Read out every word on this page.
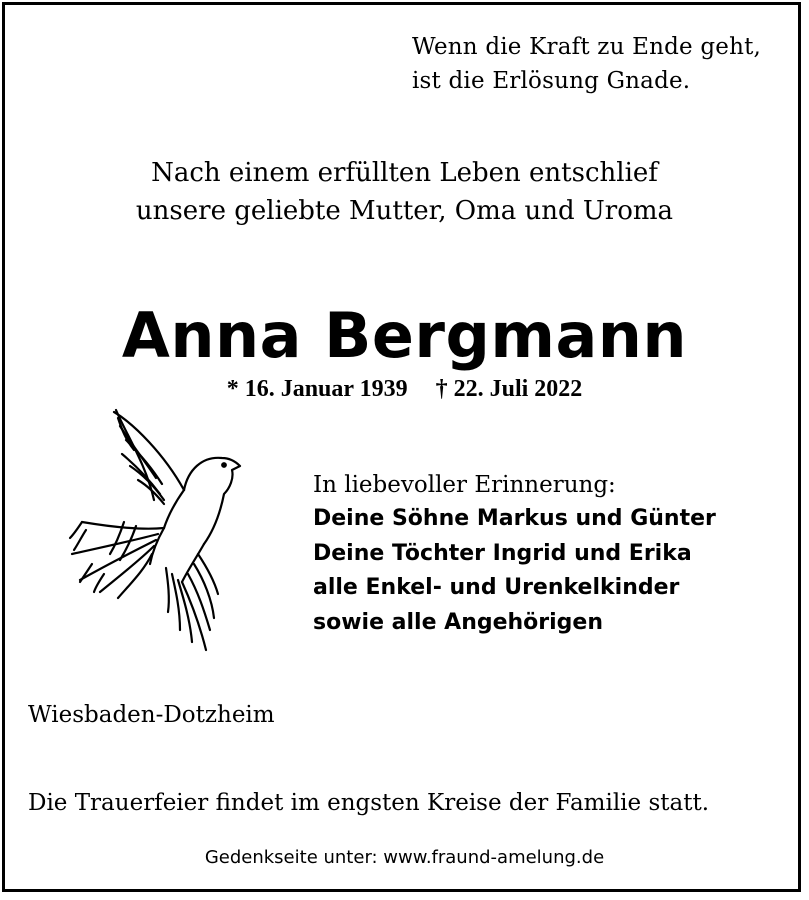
Wenn die Kraft zu Ende geht,
ist die Erlösung Gnade.
Nach einem erfüllten Leben entschlief
unsere geliebte Mutter, Oma und Uroma
Anna Bergmann
* 16. Januar 1939 † 22. Juli 2022
In liebevoller Erinnerung:
Deine Söhne Markus und Günter
Deine Töchter Ingrid und Erika
alle Enkel- und Urenkelkinder
sowie alle Angehörigen
Wiesbaden-Dotzheim
Die Trauerfeier findet im engsten Kreise der Familie statt.
Gedenkseite unter: www.fraund-amelung.de
